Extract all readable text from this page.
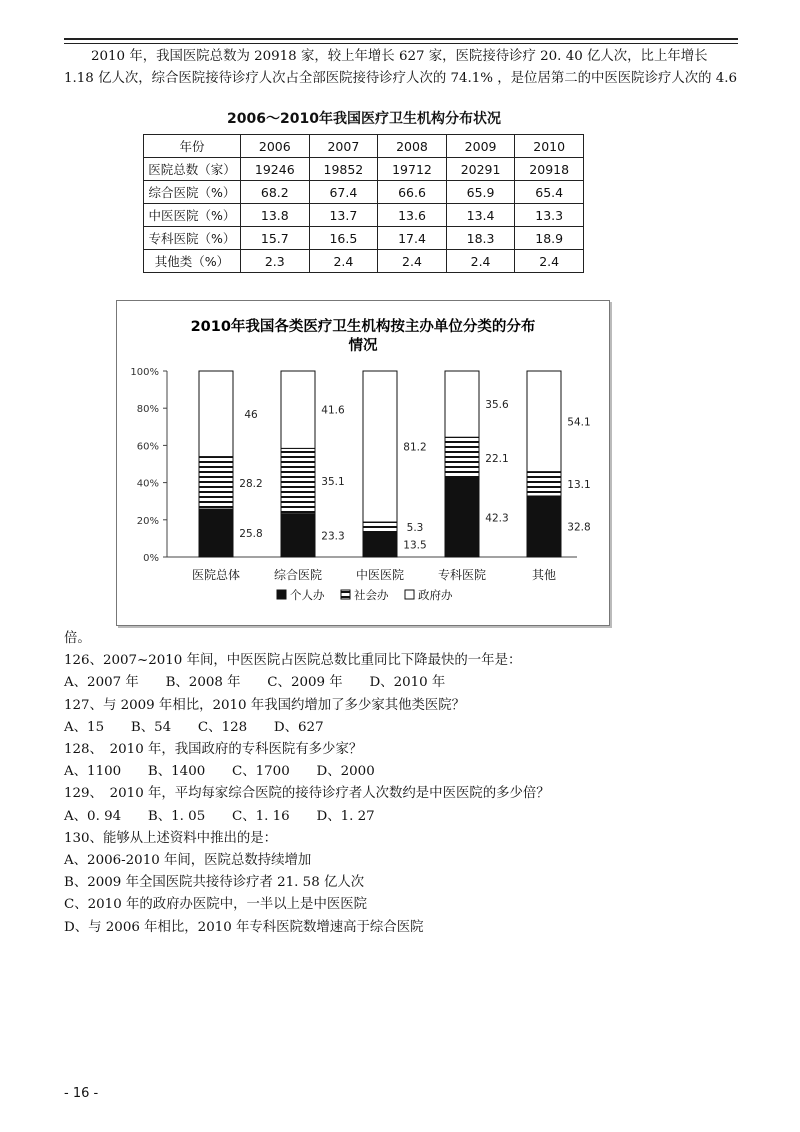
2010 年，我国医院总数为 20918 家，较上年增长 627 家，医院接待诊疗 20. 40 亿人次，比上年增长 1.18 亿人次，综合医院接待诊疗人次占全部医院接待诊疗人次的 74.1% ，是位居第二的中医医院诊疗人次的 4.6

2006～2010年我国医疗卫生机构分布状况
年份	2006	2007	2008	2009	2010
医院总数（家）	19246	19852	19712	20291	20918
综合医院（%）	68.2	67.4	66.6	65.9	65.4
中医医院（%）	13.8	13.7	13.6	13.4	13.3
专科医院（%）	15.7	16.5	17.4	18.3	18.9
其他类（%）	2.3	2.4	2.4	2.4	2.4
2010年我国各类医疗卫生机构按主办单位分类的分布
情况
0%
20%
40%
60%
80%
100%
25.8
28.2
46
医院总体
23.3
35.1
41.6
综合医院
13.5
5.3
81.2
中医医院
42.3
22.1
35.6
专科医院
32.8
13.1
54.1
其他
个人办	社会办	政府办
倍。
126、2007~2010 年间，中医医院占医院总数比重同比下降最快的一年是：
A、2007 年　　B、2008 年　　C、2009 年　　D、2010 年
127、与 2009 年相比，2010 年我国约增加了多少家其他类医院？
A、15　　B、54　　C、128　　D、627
128、　2010 年，我国政府的专科医院有多少家？
A、1100　　B、1400　　C、1700　　D、2000
129、　2010 年，平均每家综合医院的接待诊疗者人次数约是中医医院的多少倍？
A、0. 94　　B、1. 05　　C、1. 16　　D、1. 27
130、能够从上述资料中推出的是：
A、2006-2010 年间，医院总数持续增加
B、2009 年全国医院共接待诊疗者 21. 58 亿人次
C、2010 年的政府办医院中，一半以上是中医医院
D、与 2006 年相比，2010 年专科医院数增速高于综合医院
- 16 -
